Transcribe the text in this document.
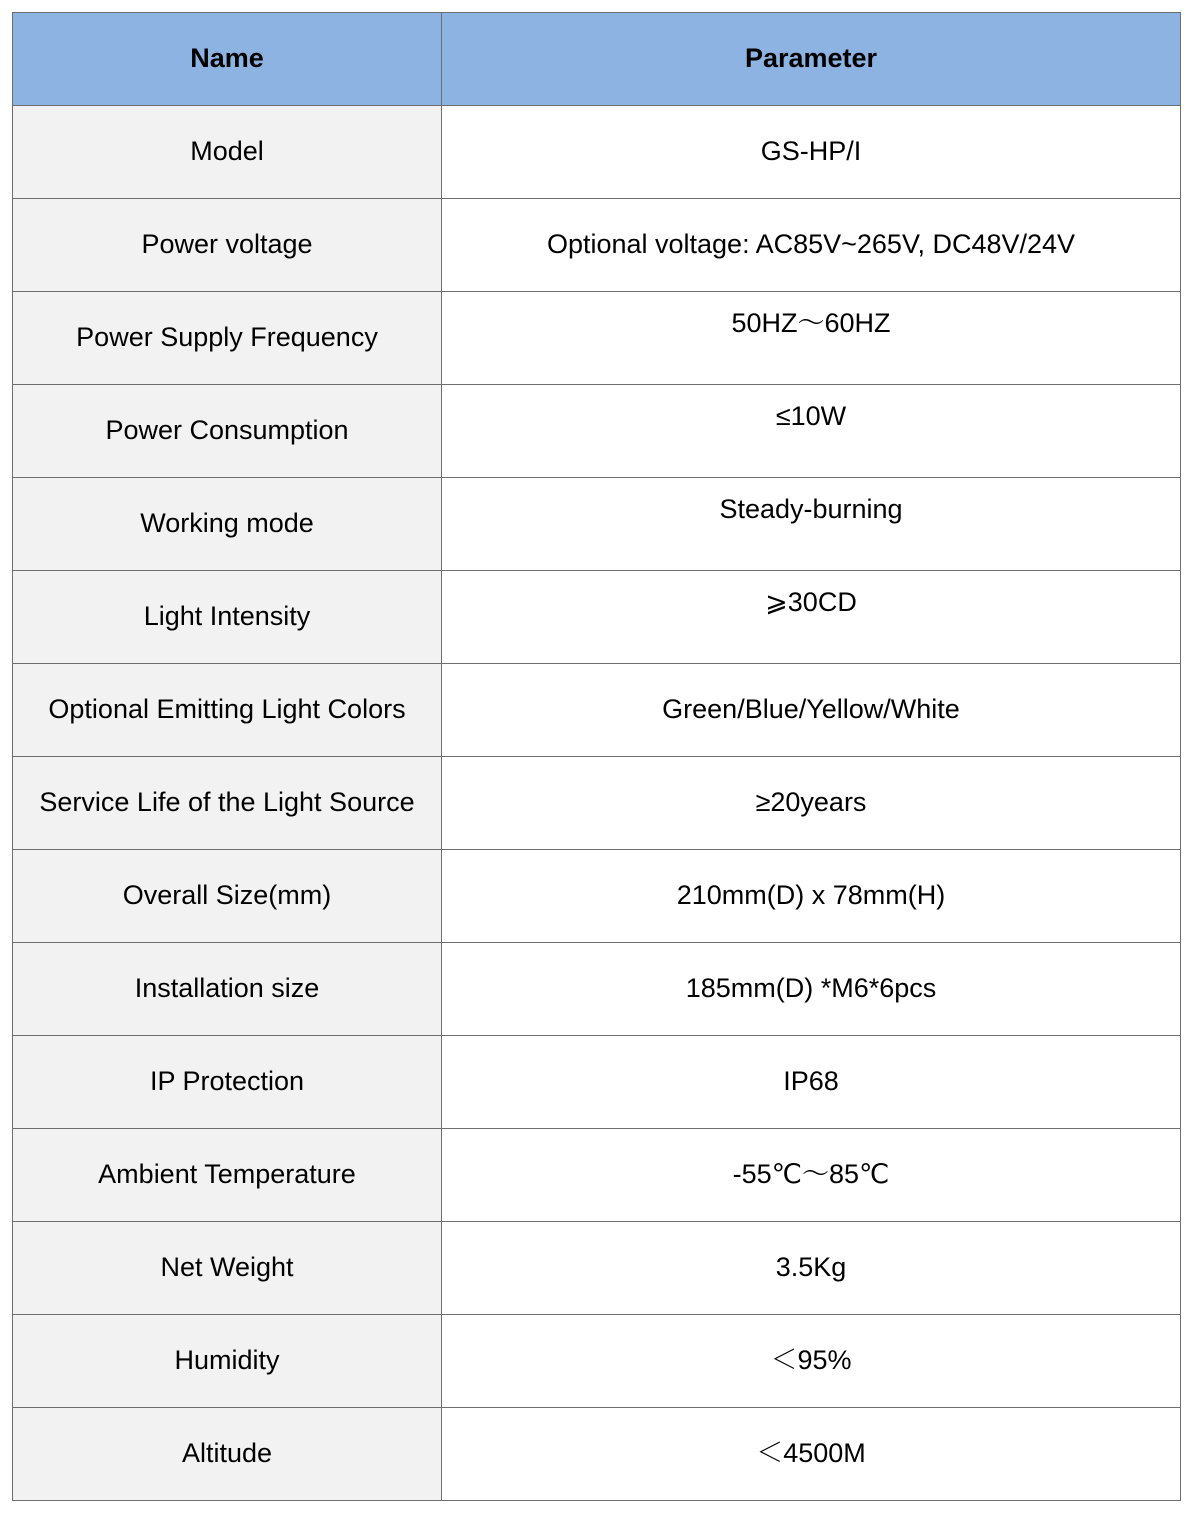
Name	Parameter
Model	GS-HP/I
Power voltage	Optional voltage: AC85V~265V, DC48V/24V
Power Supply Frequency	50HZ～60HZ
Power Consumption	≤10W
Working mode	Steady-burning
Light Intensity	⩾30CD
Optional Emitting Light Colors	Green/Blue/Yellow/White
Service Life of the Light Source	≥20years
Overall Size(mm)	210mm(D) x 78mm(H)
Installation size	185mm(D) *M6*6pcs
IP Protection	IP68
Ambient Temperature	-55℃～85℃
Net Weight	3.5Kg
Humidity	＜95%
Altitude	＜4500M
